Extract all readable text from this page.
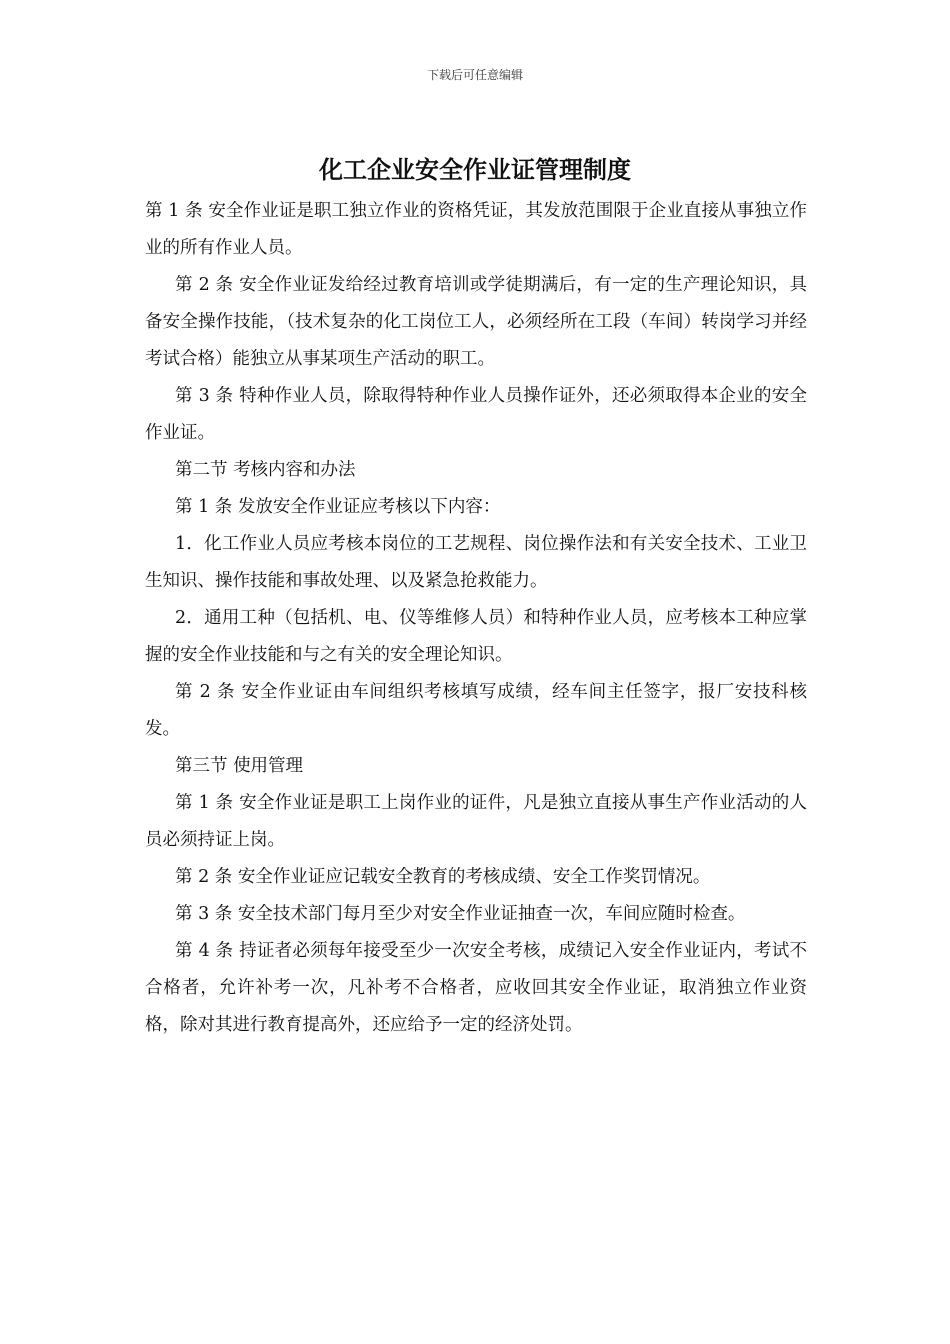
下载后可任意编辑
化工企业安全作业证管理制度

第 1 条 安全作业证是职工独立作业的资格凭证，其发放范围限于企业直接从事独立作业的所有作业人员。

第 2 条 安全作业证发给经过教育培训或学徒期满后，有一定的生产理论知识，具备安全操作技能，（技术复杂的化工岗位工人，必须经所在工段（车间）转岗学习并经考试合格）能独立从事某项生产活动的职工。

第 3 条 特种作业人员，除取得特种作业人员操作证外，还必须取得本企业的安全作业证。

第二节 考核内容和办法

第 1 条 发放安全作业证应考核以下内容：

1．化工作业人员应考核本岗位的工艺规程、岗位操作法和有关安全技术、工业卫生知识、操作技能和事故处理、以及紧急抢救能力。

2．通用工种（包括机、电、仪等维修人员）和特种作业人员，应考核本工种应掌握的安全作业技能和与之有关的安全理论知识。

第 2 条 安全作业证由车间组织考核填写成绩，经车间主任签字，报厂安技科核发。

第三节 使用管理

第 1 条 安全作业证是职工上岗作业的证件，凡是独立直接从事生产作业活动的人员必须持证上岗。

第 2 条 安全作业证应记载安全教育的考核成绩、安全工作奖罚情况。

第 3 条 安全技术部门每月至少对安全作业证抽查一次，车间应随时检查。

第 4 条 持证者必须每年接受至少一次安全考核，成绩记入安全作业证内，考试不合格者，允许补考一次，凡补考不合格者，应收回其安全作业证，取消独立作业资格，除对其进行教育提高外，还应给予一定的经济处罚。
